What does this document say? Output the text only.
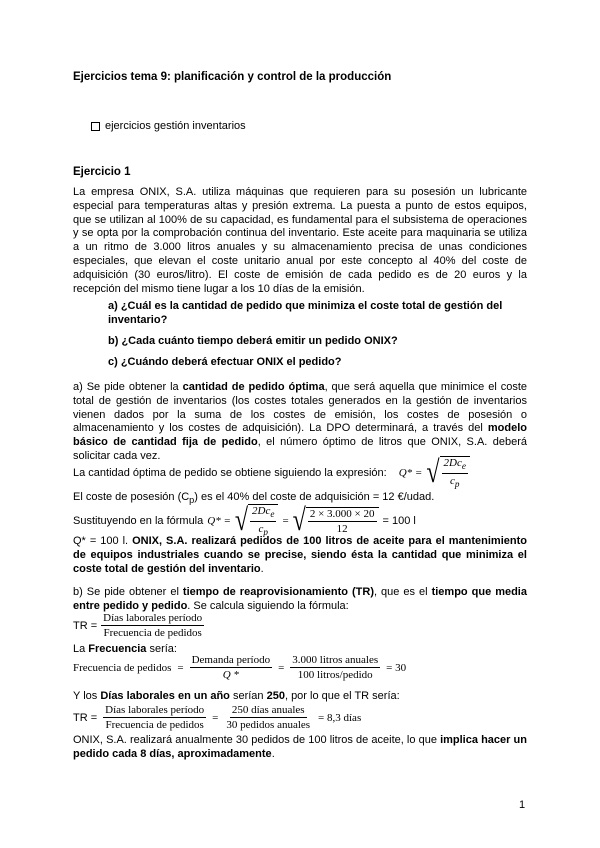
Ejercicios tema 9: planificación y control de la producción
ejercicios gestión inventarios
Ejercicio 1
La empresa ONIX, S.A. utiliza máquinas que requieren para su posesión un lubricante especial para temperaturas altas y presión extrema. La puesta a punto de estos equipos, que se utilizan al 100% de su capacidad, es fundamental para el subsistema de operaciones y se opta por la comprobación continua del inventario. Este aceite para maquinaria se utiliza a un ritmo de 3.000 litros anuales y su almacenamiento precisa de unas condiciones especiales, que elevan el coste unitario anual por este concepto al 40% del coste de adquisición (30 euros/litro). El coste de emisión de cada pedido es de 20 euros y la recepción del mismo tiene lugar a los 10 días de la emisión.
a) ¿Cuál es la cantidad de pedido que minimiza el coste total de gestión del inventario?
b) ¿Cada cuánto tiempo deberá emitir un pedido ONIX?
c) ¿Cuándo deberá efectuar ONIX el pedido?
a) Se pide obtener la cantidad de pedido óptima, que será aquella que minimice el coste total de gestión de inventarios (los costes totales generados en la gestión de inventarios vienen dados por la suma de los costes de emisión, los costes de posesión o almacenamiento y los costes de adquisición). La DPO determinará, a través del modelo básico de cantidad fija de pedido, el número óptimo de litros que ONIX, S.A. deberá solicitar cada vez.
La cantidad óptima de pedido se obtiene siguiendo la expresión: Q* = √ $\frac{2Dc_e}{c_p}$
El coste de posesión $(C_p)$ es el 40% del coste de adquisición = 12 €/udad.
Sustituyendo en la fórmula Q* = √ $\frac{2Dc_e}{c_p}$ = √ $\frac{2 \times 3.000 \times 20}{12} = 100$ l
Q* = 100 l. ONIX, S.A. realizará pedidos de 100 litros de aceite para el mantenimiento de equipos industriales cuando se precise, siendo ésta la cantidad que minimiza el coste total de gestión del inventario.
b) Se pide obtener el tiempo de reaprovisionamiento (TR), que es el tiempo que media entre pedido y pedido. Se calcula siguiendo la fórmula:
TR = $\frac{\text{Días laborales período}}{\text{Frecuencia de pedidos}}$
La Frecuencia sería:
Frecuencia de pedidos = $\frac{\text{Demanda período}}{Q *} = \frac{\text{3.000 litros anuales}}{\text{100 litros/pedido}} = 30$
Y los Días laborales en un año serían 250, por lo que el TR sería:
TR = $\frac{\text{Días laborales período}}{\text{Frecuencia de pedidos}} = \frac{\text{250 días anuales}}{\text{30 pedidos anuales}} = 8,3$ días
ONIX, S.A. realizará anualmente 30 pedidos de 100 litros de aceite, lo que implica hacer un pedido cada 8 días, aproximadamente.
1
